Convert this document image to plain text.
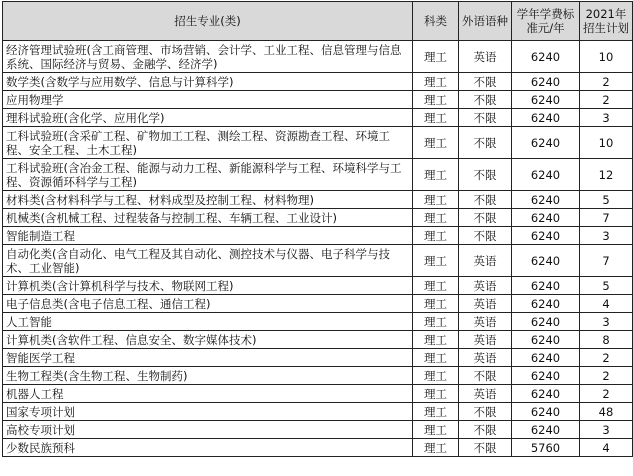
招生专业(类)	科类	外语语种	学年学费标准元/年	2021年招生计划
经济管理试验班(含工商管理、市场营销、会计学、工业工程、信息管理与信息系统、国际经济与贸易、金融学、经济学)	理工	英语	6240	10
数学类(含数学与应用数学、信息与计算科学)	理工	不限	6240	2
应用物理学	理工	不限	6240	2
理科试验班(含化学、应用化学)	理工	不限	6240	3
工科试验班(含采矿工程、矿物加工工程、测绘工程、资源勘查工程、环境工程、安全工程、土木工程)	理工	不限	6240	10
工科试验班(含冶金工程、能源与动力工程、新能源科学与工程、环境科学与工程、资源循环科学与工程)	理工	不限	6240	12
材料类(含材料科学与工程、材料成型及控制工程、材料物理)	理工	不限	6240	5
机械类(含机械工程、过程装备与控制工程、车辆工程、工业设计)	理工	不限	6240	7
智能制造工程	理工	不限	6240	3
自动化类(含自动化、电气工程及其自动化、测控技术与仪器、电子科学与技术、工业智能)	理工	英语	6240	7
计算机类(含计算机科学与技术、物联网工程)	理工	英语	6240	5
电子信息类(含电子信息工程、通信工程)	理工	英语	6240	4
人工智能	理工	英语	6240	3
计算机类(含软件工程、信息安全、数字媒体技术)	理工	英语	6240	8
智能医学工程	理工	英语	6240	2
生物工程类(含生物工程、生物制药)	理工	不限	6240	2
机器人工程	理工	英语	6240	2
国家专项计划	理工	不限	6240	48
高校专项计划	理工	不限	6240	3
少数民族预科	理工	不限	5760	4
